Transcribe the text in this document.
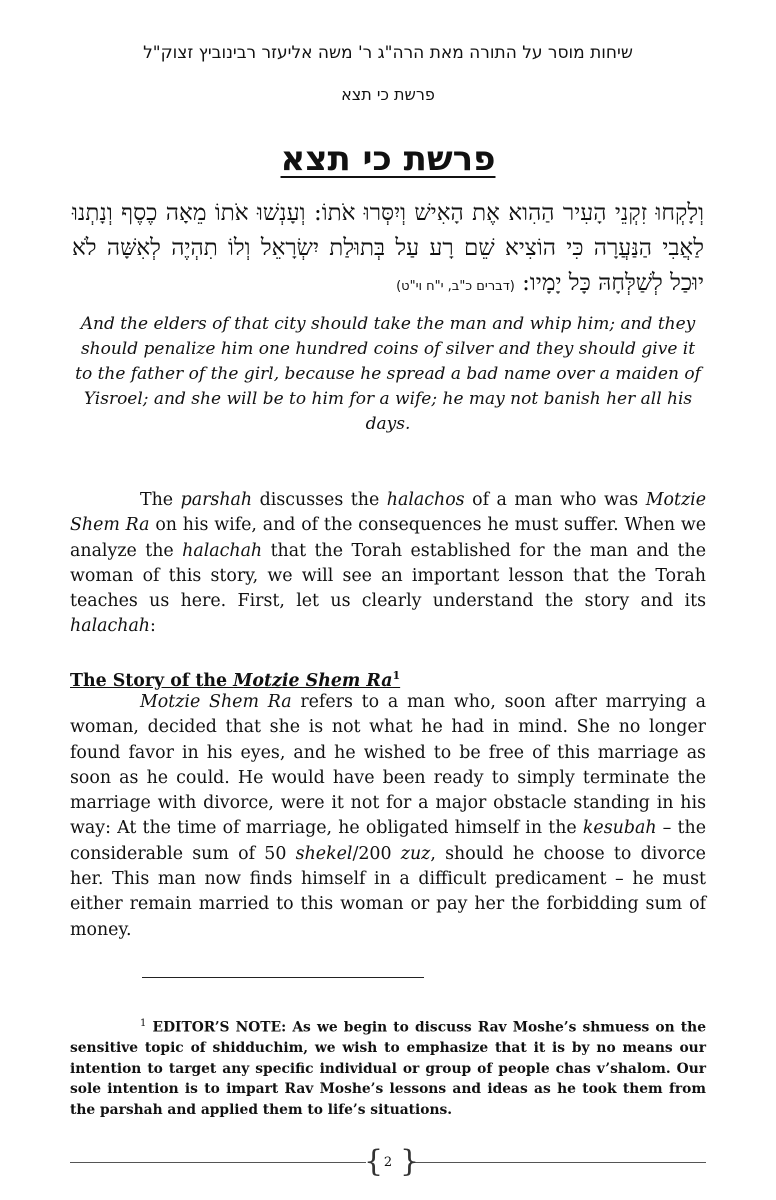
שיחות מוסר על התורה מאת הרה"ג ר' משה אליעזר רבינוביץ זצוק"ל
פרשת כי תצא
פרשת כי תצא
וְלָקְחוּ זִקְנֵי הָעִיר הַהִוא אֶת הָאִישׁ וְיִסְּרוּ אֹתוֹ: וְעָנְשׁוּ אֹתוֹ מֵאָה כֶסֶף וְנָתְנוּ לַאֲבִי הַנַּעֲרָה כִּי הוֹצִיא שֵׁם רָע עַל בְּתוּלַת יִשְׂרָאֵל וְלוֹ תִהְיֶה לְאִשָּׁה לֹא יוּכַל לְשַׁלְּחָהּ כָּל יָמָיו: (דברים כ"ב, י"ח וי"ט)
And the elders of that city should take the man and whip him; and they should penalize him one hundred coins of silver and they should give it to the father of the girl, because he spread a bad name over a maiden of Yisroel; and she will be to him for a wife; he may not banish her all his days.
The parshah discusses the halachos of a man who was Motzie Shem Ra on his wife, and of the consequences he must suffer. When we analyze the halachah that the Torah established for the man and the woman of this story, we will see an important lesson that the Torah teaches us here. First, let us clearly understand the story and its halachah:
The Story of the Motzie Shem Ra$^1$
Motzie Shem Ra refers to a man who, soon after marrying a woman, decided that she is not what he had in mind. She no longer found favor in his eyes, and he wished to be free of this marriage as soon as he could. He would have been ready to simply terminate the marriage with divorce, were it not for a major obstacle standing in his way: At the time of marriage, he obligated himself in the kesubah – the considerable sum of 50 shekel/200 zuz, should he choose to divorce her. This man now finds himself in a difficult predicament – he must either remain married to this woman or pay her the forbidding sum of money.
$^1$ EDITOR’S NOTE: As we begin to discuss Rav Moshe’s shmuess on the sensitive topic of shidduchim, we wish to emphasize that it is by no means our intention to target any specific individual or group of people chas v’shalom. Our sole intention is to impart Rav Moshe’s lessons and ideas as he took them from the parshah and applied them to life’s situations.
{ }
2
